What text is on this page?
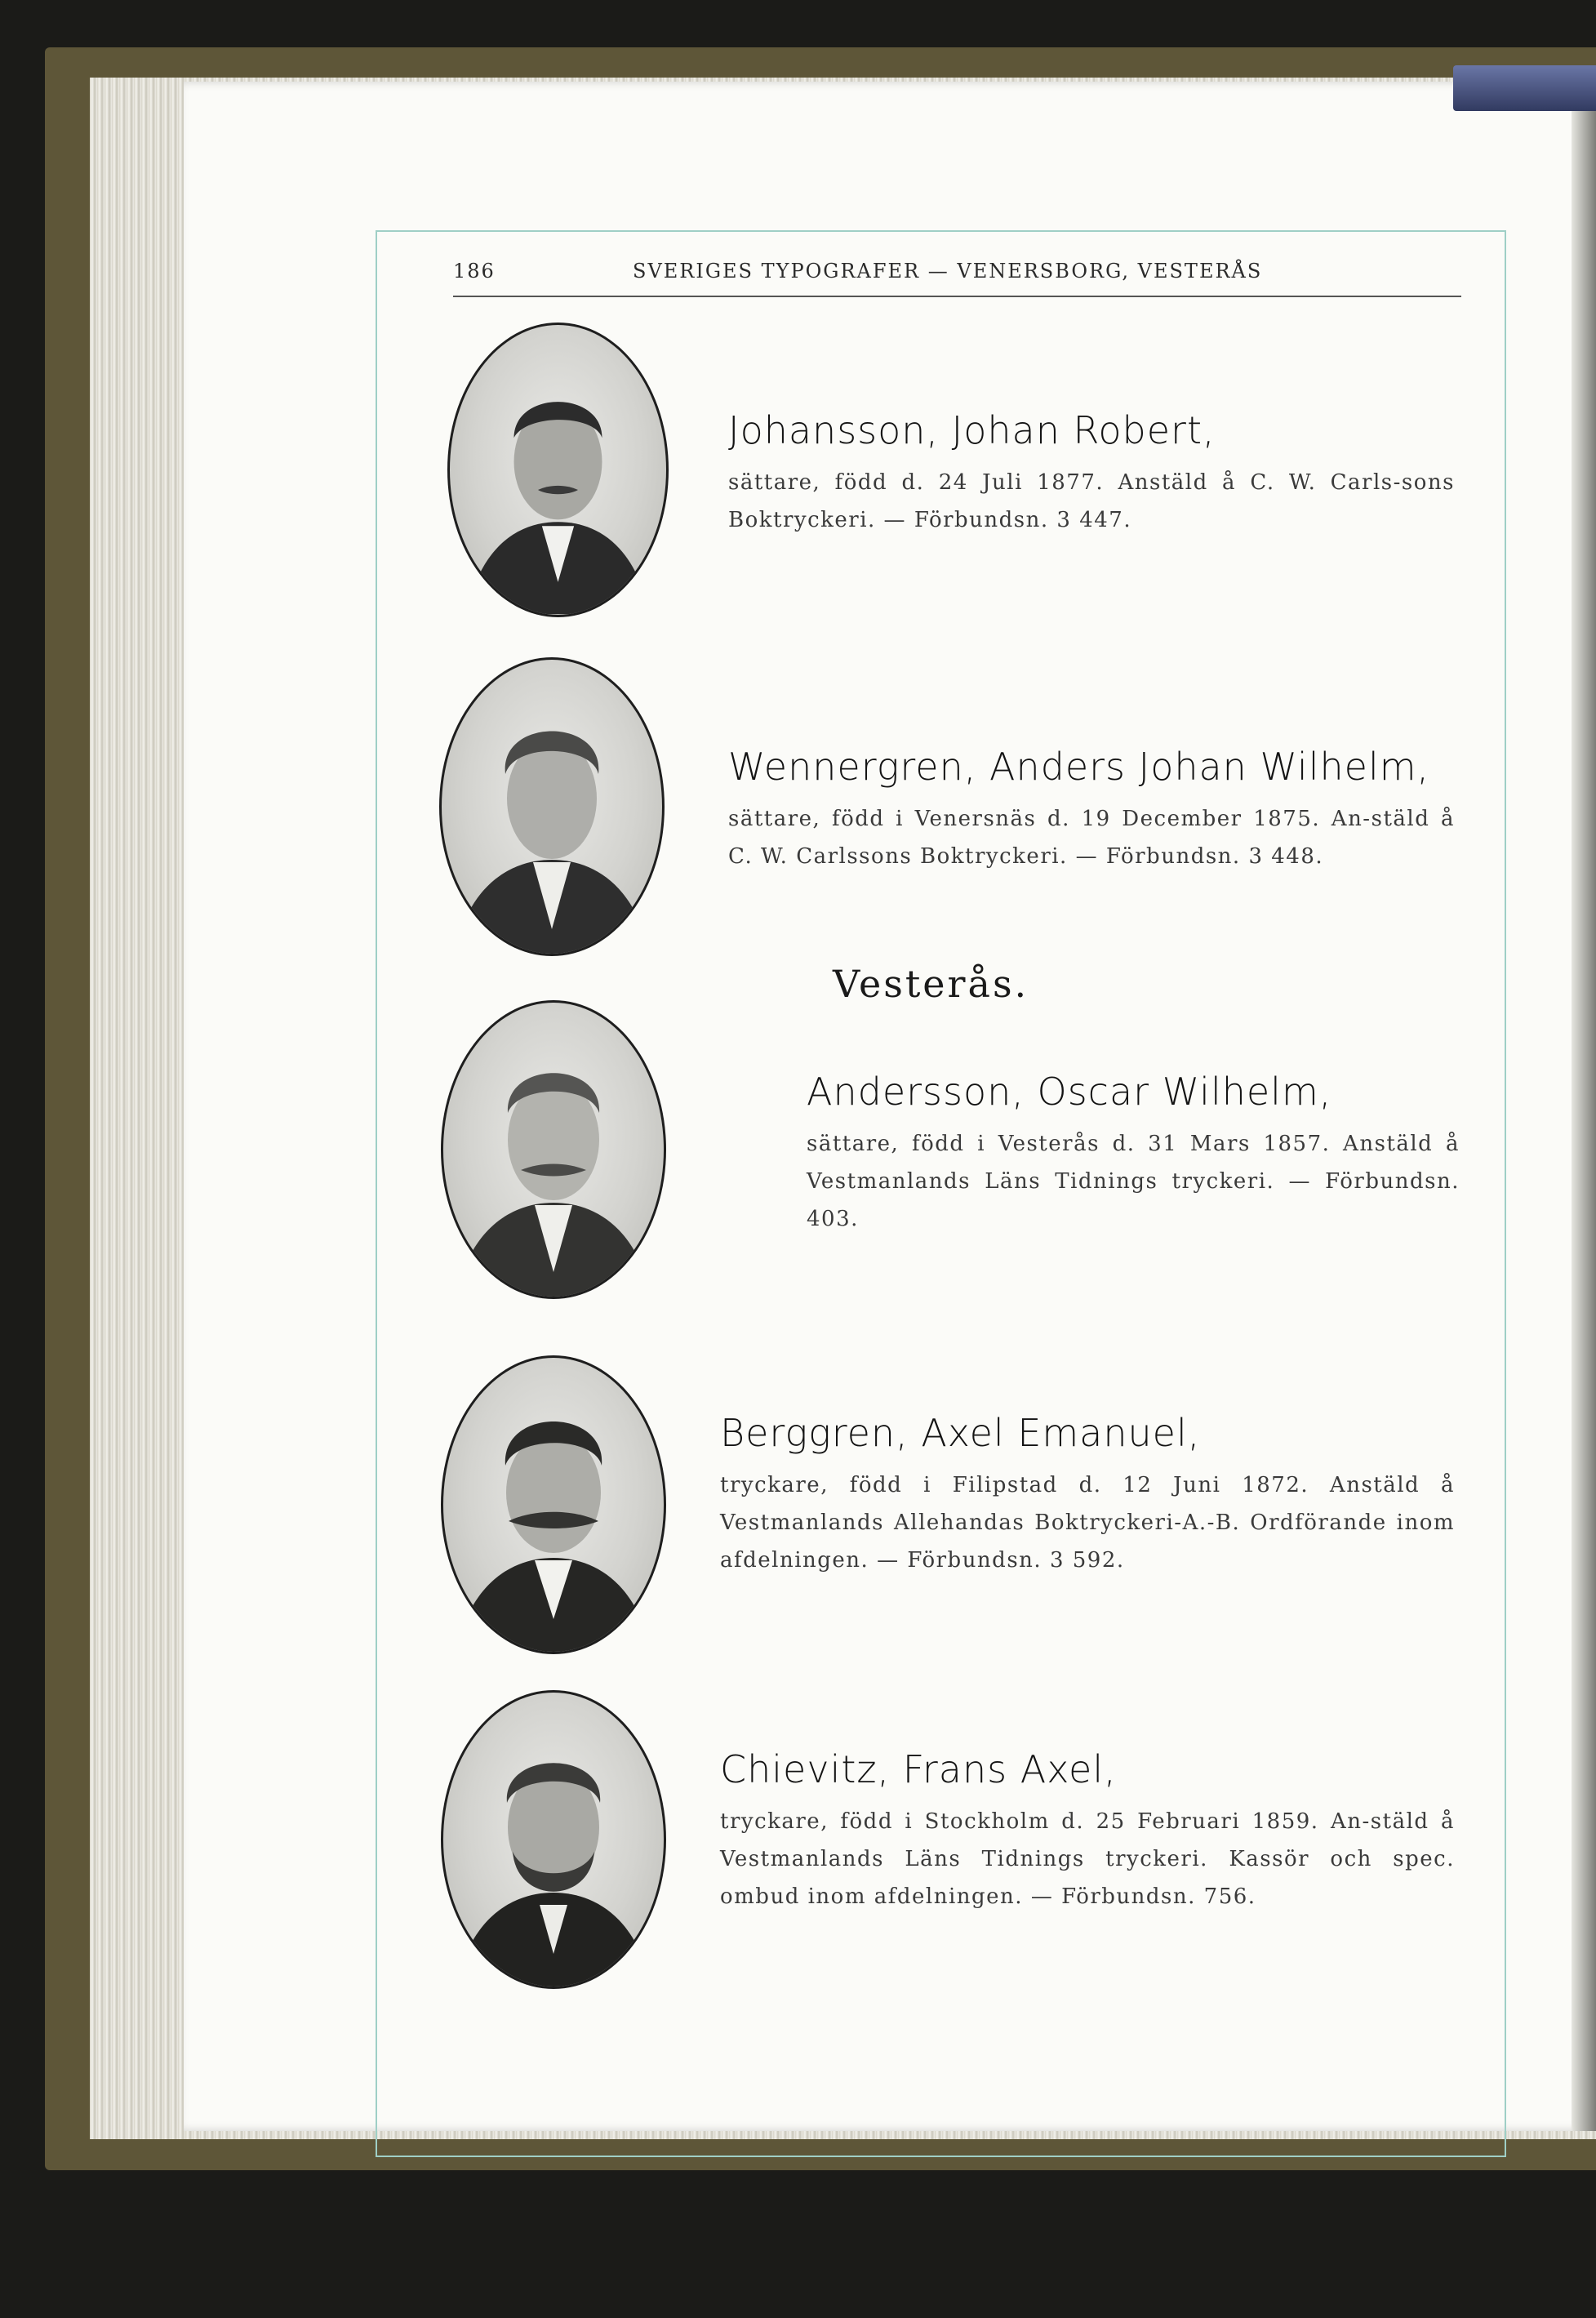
186	SVERIGES TYPOGRAFER — VENERSBORG, VESTERÅS
Johansson, Johan Robert,

sättare, född d. 24 Juli 1877. Anstäld å C. W. Carls-sons Boktryckeri. — Förbundsn. 3 447.

Wennergren, Anders Johan Wilhelm,

sättare, född i Venersnäs d. 19 December 1875. An-stäld å C. W. Carlssons Boktryckeri. — Förbundsn. 3 448.

Vesterås.
Andersson, Oscar Wilhelm,

sättare, född i Vesterås d. 31 Mars 1857. Anstäld å Vestmanlands Läns Tidnings tryckeri. — Förbundsn. 403.

Berggren, Axel Emanuel,

tryckare, född i Filipstad d. 12 Juni 1872. Anstäld å Vestmanlands Allehandas Boktryckeri-A.-B. Ordförande inom afdelningen. — Förbundsn. 3 592.

Chievitz, Frans Axel,

tryckare, född i Stockholm d. 25 Februari 1859. An-stäld å Vestmanlands Läns Tidnings tryckeri. Kassör och spec. ombud inom afdelningen. — Förbundsn. 756.
